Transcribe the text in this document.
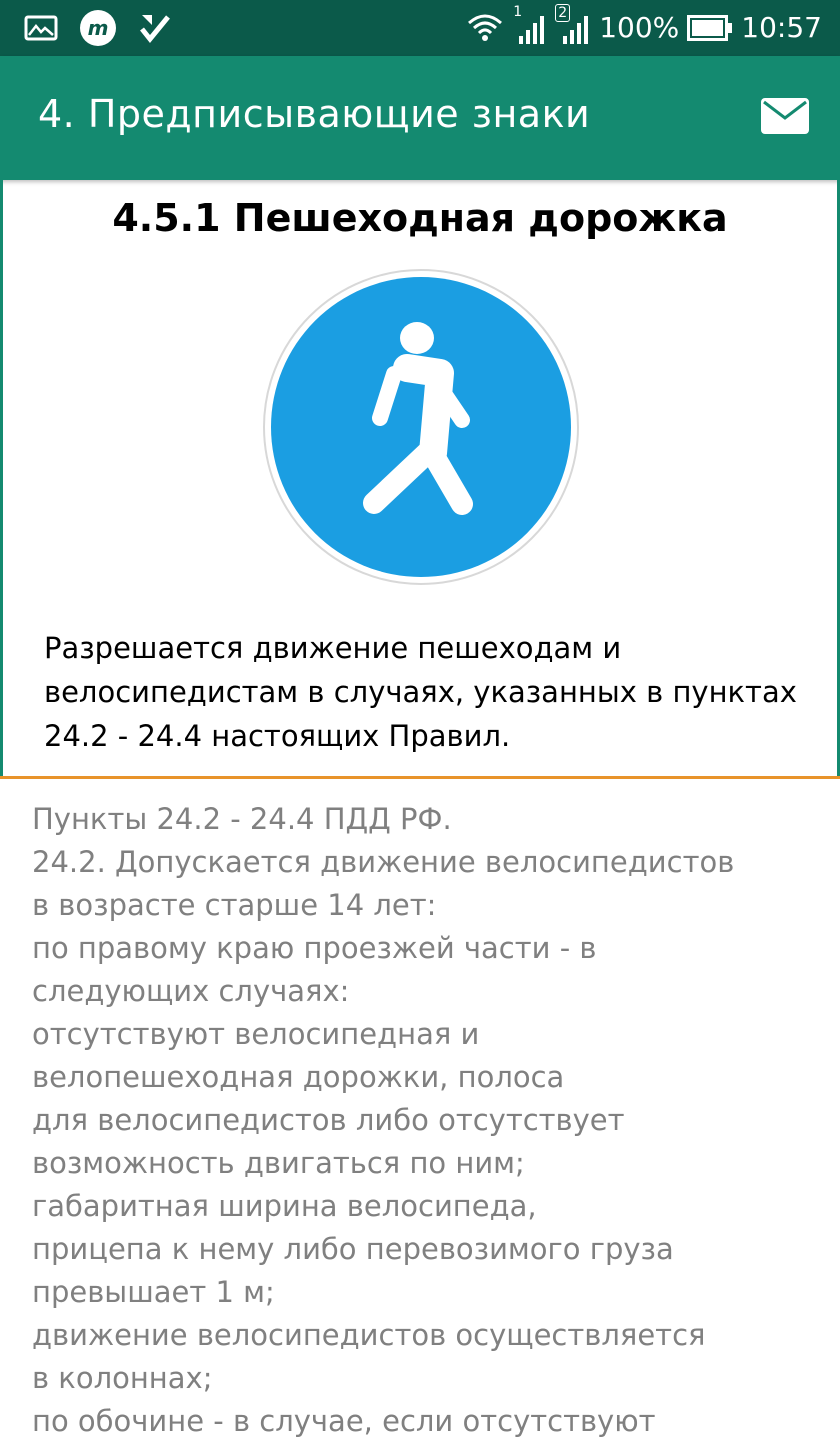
m
1	2 100% 10:57
4. Предписывающие знаки
4.5.1 Пешеходная дорожка
Разрешается движение пешеходам и велосипедистам в случаях, указанных в пунктах 24.2 - 24.4 настоящих Правил.
Пункты 24.2 - 24.4 ПДД РФ.
24.2. Допускается движение велосипедистов
в возрасте старше 14 лет:
по правому краю проезжей части - в
следующих случаях:
отсутствуют велосипедная и
велопешеходная дорожки, полоса
для велосипедистов либо отсутствует
возможность двигаться по ним;
габаритная ширина велосипеда,
прицепа к нему либо перевозимого груза
превышает 1 м;
движение велосипедистов осуществляется
в колоннах;
по обочине - в случае, если отсутствуют
